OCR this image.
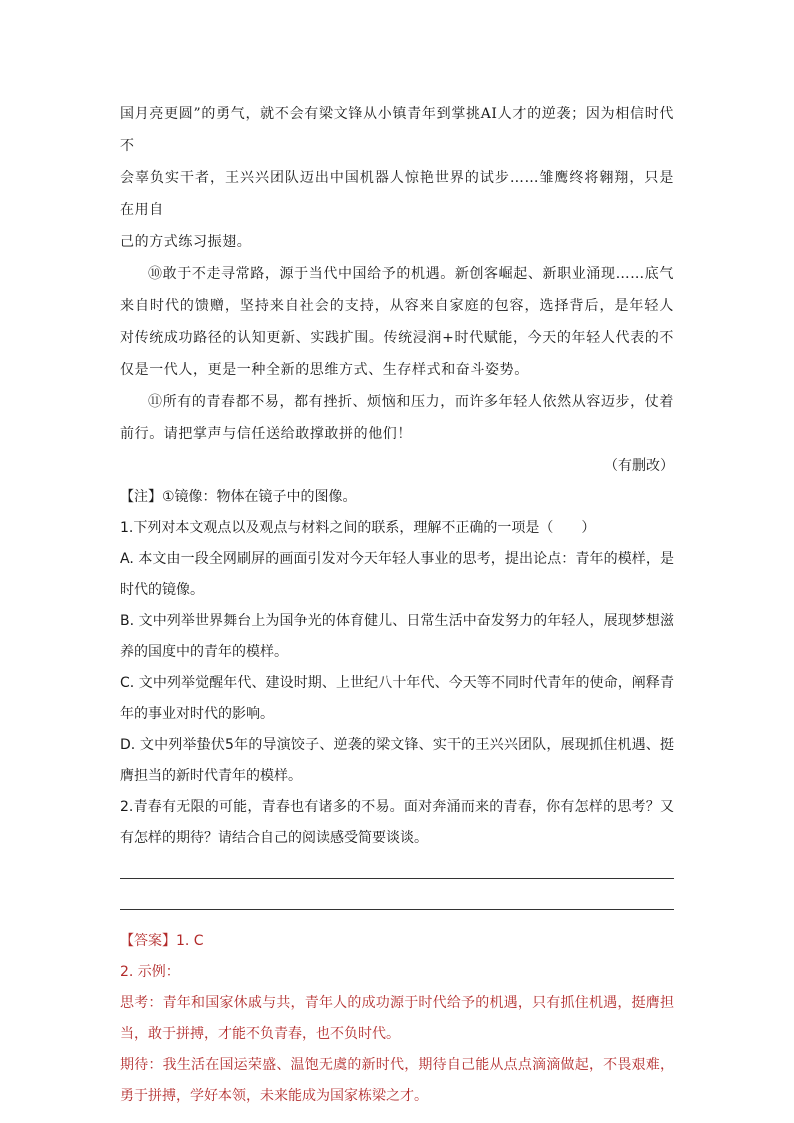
国月亮更圆”的勇气，就不会有梁文锋从小镇青年到掌挑AI人才的逆袭；因为相信时代不

会辜负实干者，王兴兴团队迈出中国机器人惊艳世界的试步……雏鹰终将翱翔，只是在用自

己的方式练习振翅。

⑩敢于不走寻常路，源于当代中国给予的机遇。新创客崛起、新职业涌现……底气来自时代的馈赠，坚持来自社会的支持，从容来自家庭的包容，选择背后，是年轻人对传统成功路径的认知更新、实践扩围。传统浸润+时代赋能，今天的年轻人代表的不仅是一代人，更是一种全新的思维方式、生存样式和奋斗姿势。

⑪所有的青春都不易，都有挫折、烦恼和压力，而许多年轻人依然从容迈步，仗着前行。请把掌声与信任送给敢撑敢拼的他们！

（有删改）

【注】①镜像：物体在镜子中的图像。

1.下列对本文观点以及观点与材料之间的联系，理解不正确的一项是（　　）

A. 本文由一段全网刷屏的画面引发对今天年轻人事业的思考，提出论点：青年的模样，是时代的镜像。

B. 文中列举世界舞台上为国争光的体育健儿、日常生活中奋发努力的年轻人，展现梦想滋养的国度中的青年的模样。

C. 文中列举觉醒年代、建设时期、上世纪八十年代、今天等不同时代青年的使命，阐释青年的事业对时代的影响。

D. 文中列举蛰伏5年的导演饺子、逆袭的梁文锋、实干的王兴兴团队，展现抓住机遇、挺膺担当的新时代青年的模样。

2.青春有无限的可能，青春也有诸多的不易。面对奔涌而来的青春，你有怎样的思考？又有怎样的期待？请结合自己的阅读感受简要谈谈。

【答案】1. C

2. 示例：

思考：青年和国家休戚与共，青年人的成功源于时代给予的机遇，只有抓住机遇，挺膺担当，敢于拼搏，才能不负青春，也不负时代。

期待：我生活在国运荣盛、温饱无虞的新时代，期待自己能从点点滴滴做起，不畏艰难，勇于拼搏，学好本领，未来能成为国家栋梁之才。
